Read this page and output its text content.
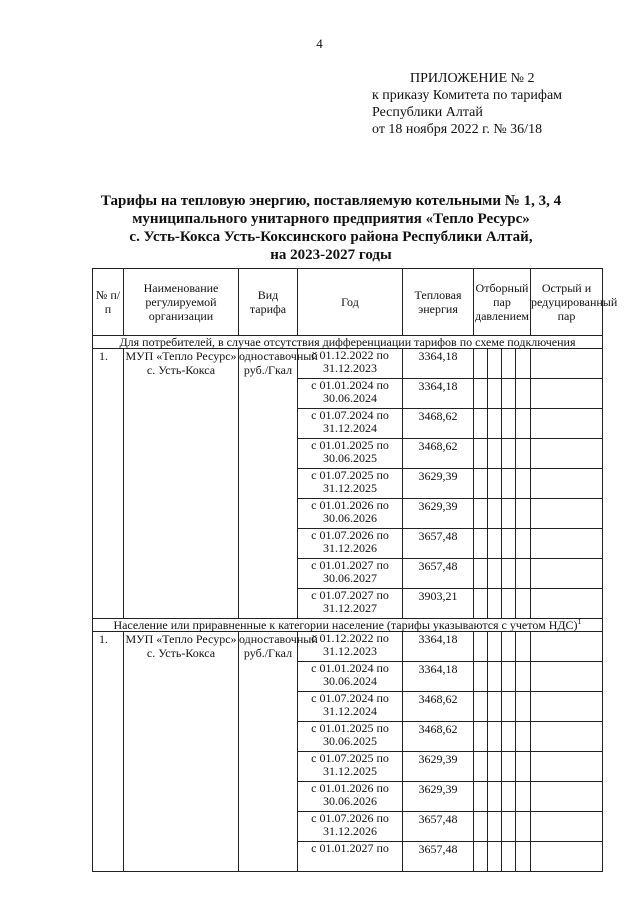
4
ПРИЛОЖЕНИЕ № 2
к приказу Комитета по тарифам
Республики Алтай
от 18 ноября 2022 г. № 36/18
Тарифы на тепловую энергию, поставляемую котельными № 1, 3, 4
муниципального унитарного предприятия «Тепло Ресурс»
с. Усть-Кокса Усть-Коксинского района Республики Алтай,
на 2023-2027 годы
№ п/п	Наименование регулируемой организации	Вид тарифа	Год	Тепловая энергия	Отборный пар давлением				Острый и редуцированный пар
Для потребителей, в случае отсутствия дифференциации тарифов по схеме подключения									
1.	МУП «Тепло Ресурс» с. Усть-Кокса	одноставочный руб./Гкал	с 01.12.2022 по
31.12.2023	3364,18					

			с 01.01.2024 по
30.06.2024	3364,18					

			с 01.07.2024 по
31.12.2024	3468,62					

			с 01.01.2025 по
30.06.2025	3468,62					

			с 01.07.2025 по
31.12.2025	3629,39					

			с 01.01.2026 по
30.06.2026	3629,39					

			с 01.07.2026 по
31.12.2026	3657,48					

			с 01.01.2027 по
30.06.2027	3657,48					

			с 01.07.2027 по
31.12.2027	3903,21					
Население или приравненные к категории население (тарифы указываются с учетом НДС)$^1$
1.	МУП «Тепло Ресурс» с. Усть-Кокса	одноставочный руб./Гкал	с 01.12.2022 по
31.12.2023	3364,18					

			с 01.01.2024 по
30.06.2024	3364,18					

			с 01.07.2024 по
31.12.2024	3468,62					

			с 01.01.2025 по
30.06.2025	3468,62					

			с 01.07.2025 по
31.12.2025	3629,39					

			с 01.01.2026 по
30.06.2026	3629,39					

			с 01.07.2026 по
31.12.2026	3657,48					

			с 01.01.2027 по	3657,48					
